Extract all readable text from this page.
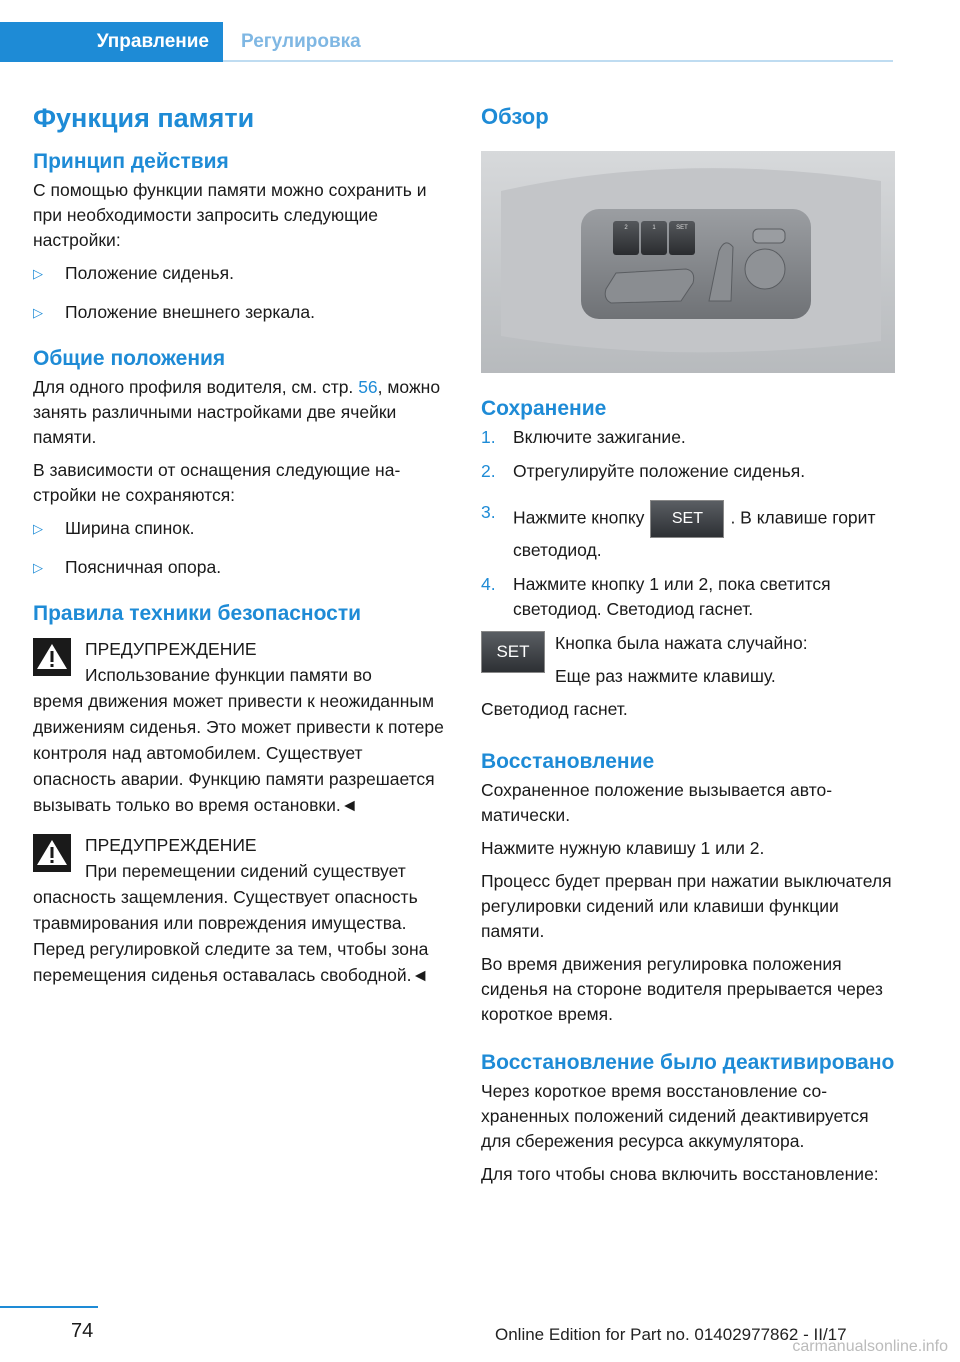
Управление	Регулировка
Функция памяти
Принцип действия

С помощью функции памяти можно сохранить и при необходимости запросить следующие настройки:

▷	Положение сиденья.
▷	Положение внешнего зеркала.
Общие положения

Для одного профиля водителя, см. стр. 56, можно занять различными настройками две ячейки памяти.

В зависимости от оснащения следующие настройки не сохраняются:

▷	Ширина спинок.
▷	Поясничная опора.
Правила техники безопасности
ПРЕДУПРЕЖДЕНИЕ
Использование функции памяти во
время движения может привести к неожиданным движениям сиденья. Это может привести к потере контроля над автомобилем. Существует опасность аварии. Функцию памяти разрешается вызывать только во время остановки.◄
ПРЕДУПРЕЖДЕНИЕ
При перемещении сидений существует
опасность защемления. Существует опасность травмирования или повреждения имущества. Перед регулировкой следите за тем, чтобы зона перемещения сиденья оставалась свободной.◄
Обзор
2	1	SET
Сохранение
1. Включите зажигание.
2. Отрегулируйте положение сиденья.
3. Нажмите кнопку SET . В клавише горит светодиод.
4. Нажмите кнопку 1 или 2, пока светится светодиод. Светодиод гаснет.
SET	Кнопка была нажата случайно:
Еще раз нажмите клавишу.

Светодиод гаснет.

Восстановление

Сохраненное положение вызывается автоматически.

Нажмите нужную клавишу 1 или 2.

Процесс будет прерван при нажатии выключателя регулировки сидений или клавиши функции памяти.

Во время движения регулировка положения сиденья на стороне водителя прерывается через короткое время.

Восстановление было деактивировано

Через короткое время восстановление сохраненных положений сидений деактивируется для сбережения ресурса аккумулятора.

Для того чтобы снова включить восстановление:

74	Online Edition for Part no. 01402977862 - II/17
carmanualsonline.info
